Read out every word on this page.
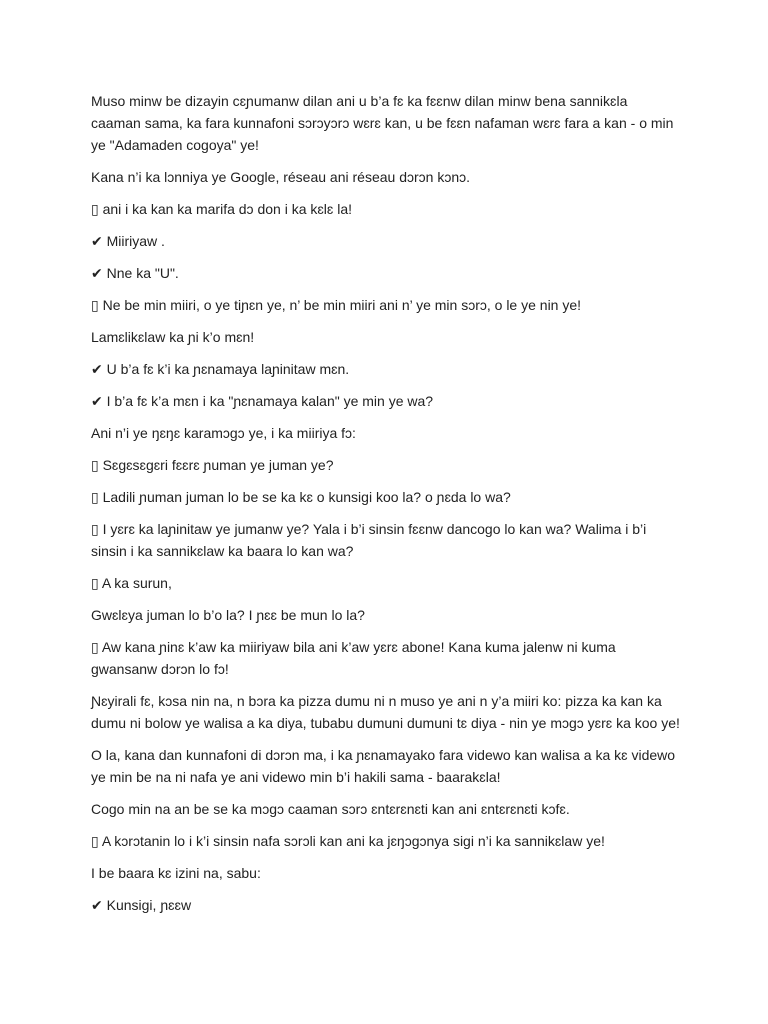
Muso minw be dizayin cɛɲumanw dilan ani u b’a fɛ ka fɛɛnw dilan minw bena sannikɛla caaman sama, ka fara kunnafoni sɔrɔyɔrɔ wɛrɛ kan, u be fɛɛn nafaman wɛrɛ fara a kan - o min ye "Adamaden cogoya" ye!

Kana n’i ka lɔnniya ye Google, réseau ani réseau dɔrɔn kɔnɔ.

▯ ani i ka kan ka marifa dɔ don i ka kɛlɛ la!

✔ Miiriyaw .

✔ Nne ka "U".

▯ Ne be min miiri, o ye tiɲɛn ye, n’ be min miiri ani n’ ye min sɔrɔ, o le ye nin ye!

Lamɛlikɛlaw ka ɲi k’o mɛn!

✔ U b’a fɛ k’i ka ɲɛnamaya laɲinitaw mɛn.

✔ I b’a fɛ k’a mɛn i ka "ɲɛnamaya kalan" ye min ye wa?

Ani n’i ye ŋɛŋɛ karamɔgɔ ye, i ka miiriya fɔ:

▯ Sɛgɛsɛgɛri fɛɛrɛ ɲuman ye juman ye?

▯ Ladili ɲuman juman lo be se ka kɛ o kunsigi koo la? o ɲɛda lo wa?

▯ I yɛrɛ ka laɲinitaw ye jumanw ye? Yala i b’i sinsin fɛɛnw dancogo lo kan wa? Walima i b’i sinsin i ka sannikɛlaw ka baara lo kan wa?

▯ A ka surun,

Gwɛlɛya juman lo b’o la? I ɲɛɛ be mun lo la?

▯ Aw kana ɲinɛ k’aw ka miiriyaw bila ani k’aw yɛrɛ abone! Kana kuma jalenw ni kuma gwansanw dɔrɔn lo fɔ!

Ɲɛyirali fɛ, kɔsa nin na, n bɔra ka pizza dumu ni n muso ye ani n y’a miiri ko: pizza ka kan ka dumu ni bolow ye walisa a ka diya, tubabu dumuni dumuni tɛ diya - nin ye mɔgɔ yɛrɛ ka koo ye!

O la, kana dan kunnafoni di dɔrɔn ma, i ka ɲɛnamayako fara videwo kan walisa a ka kɛ videwo ye min be na ni nafa ye ani videwo min b’i hakili sama - baarakɛla!

Cogo min na an be se ka mɔgɔ caaman sɔrɔ ɛntɛrɛnɛti kan ani ɛntɛrɛnɛti kɔfɛ.

▯ A kɔrɔtanin lo i k’i sinsin nafa sɔrɔli kan ani ka jɛŋɔgɔnya sigi n’i ka sannikɛlaw ye!

I be baara kɛ izini na, sabu:

✔ Kunsigi, ɲɛɛw
